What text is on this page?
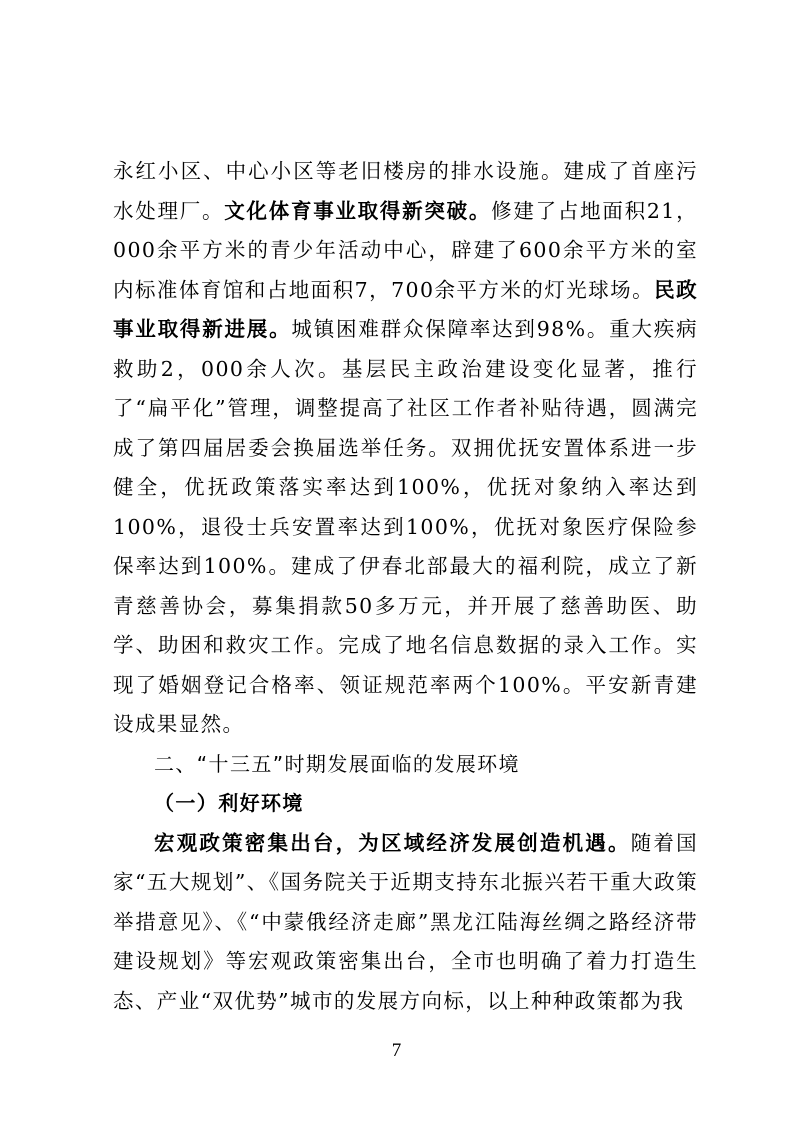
永红小区、中心小区等老旧楼房的排水设施。建成了首座污水处理厂。文化体育事业取得新突破。修建了占地面积21，000余平方米的青少年活动中心，辟建了600余平方米的室内标准体育馆和占地面积7，700余平方米的灯光球场。民政事业取得新进展。城镇困难群众保障率达到98%。重大疾病救助2，000余人次。基层民主政治建设变化显著，推行了“扁平化”管理，调整提高了社区工作者补贴待遇，圆满完成了第四届居委会换届选举任务。双拥优抚安置体系进一步健全，优抚政策落实率达到100%，优抚对象纳入率达到100%，退役士兵安置率达到100%，优抚对象医疗保险参保率达到100%。建成了伊春北部最大的福利院，成立了新青慈善协会，募集捐款50多万元，并开展了慈善助医、助学、助困和救灾工作。完成了地名信息数据的录入工作。实现了婚姻登记合格率、领证规范率两个100%。平安新青建设成果显然。

二、“十三五”时期发展面临的发展环境

（一）利好环境

宏观政策密集出台，为区域经济发展创造机遇。随着国家“五大规划”、《国务院关于近期支持东北振兴若干重大政策举措意见》、《“中蒙俄经济走廊”黑龙江陆海丝绸之路经济带建设规划》等宏观政策密集出台，全市也明确了着力打造生态、产业“双优势”城市的发展方向标，以上种种政策都为我

7
